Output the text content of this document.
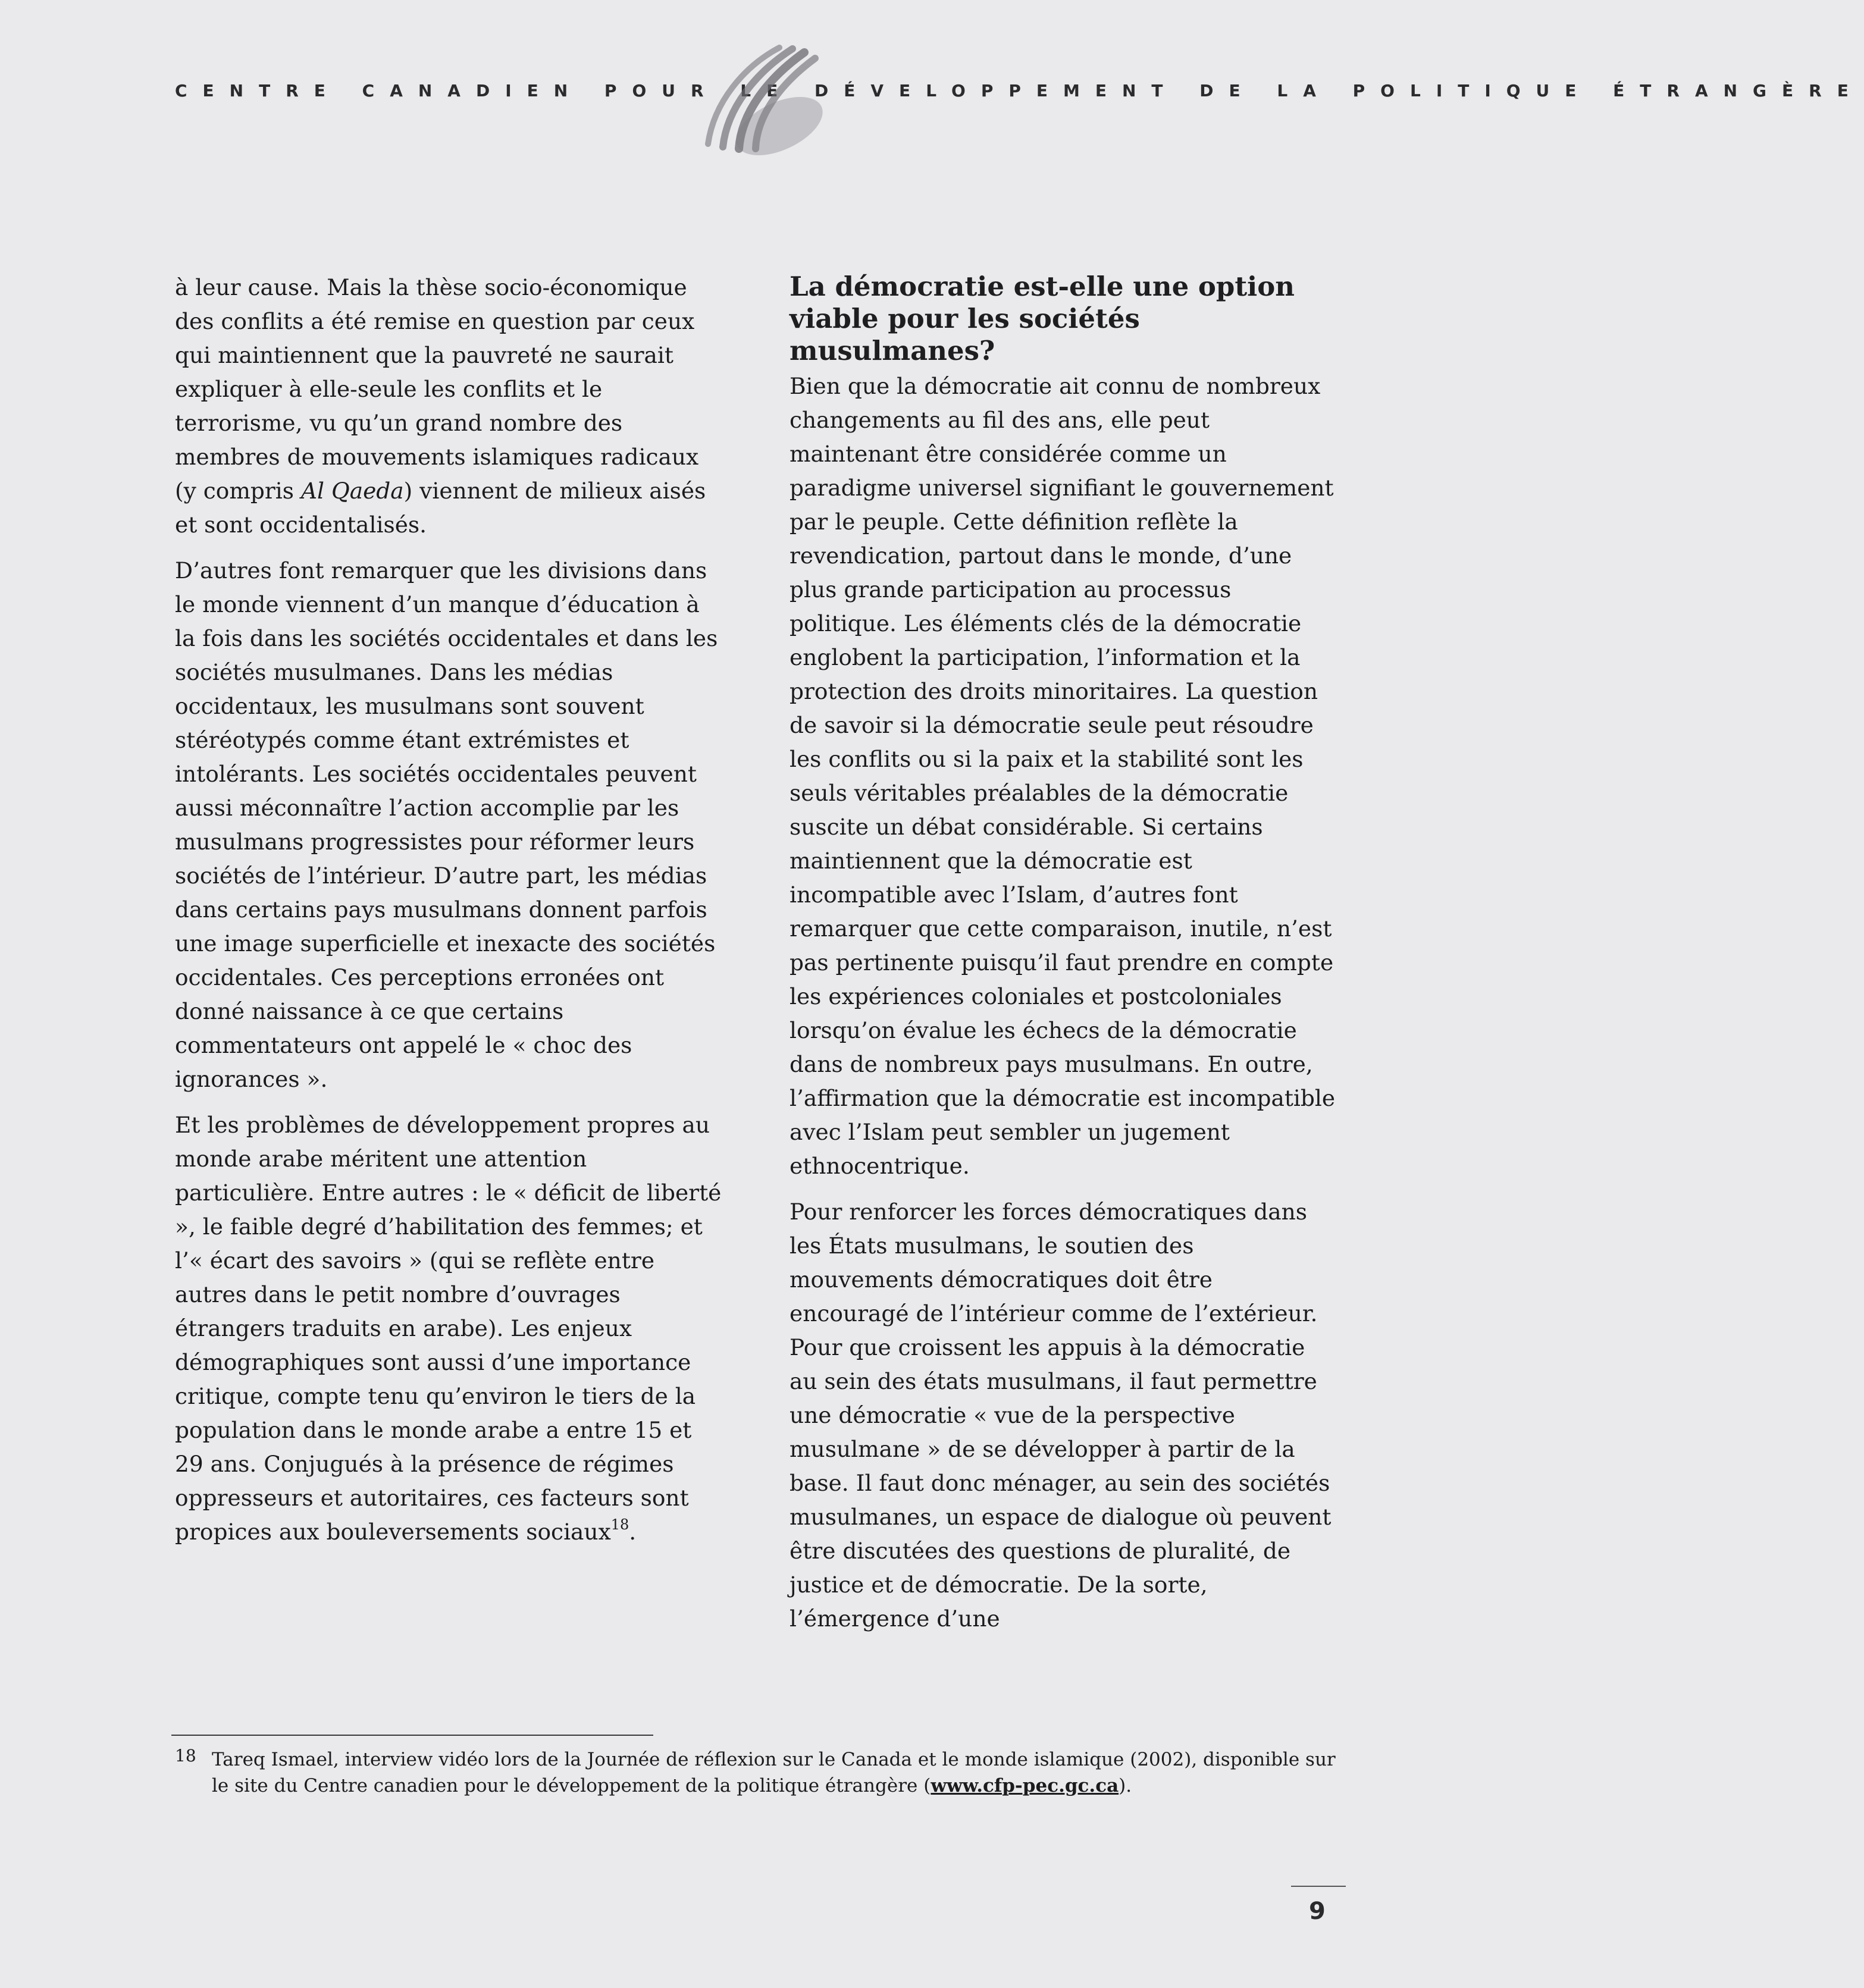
CENTRE CANADIEN POUR LE DÉVELOPPEMENT DE LA POLITIQUE ÉTRANGÈRE

à leur cause. Mais la thèse socio-économique des conflits a été remise en question par ceux qui maintiennent que la pauvreté ne saurait expliquer à elle-seule les conflits et le terrorisme, vu qu’un grand nombre des membres de mouvements islamiques radicaux (y compris Al Qaeda) viennent de milieux aisés et sont occidentalisés.

D’autres font remarquer que les divisions dans le monde viennent d’un manque d’éducation à la fois dans les sociétés occidentales et dans les sociétés musulmanes. Dans les médias occidentaux, les musulmans sont souvent stéréotypés comme étant extrémistes et intolérants. Les sociétés occidentales peuvent aussi méconnaître l’action accomplie par les musulmans progressistes pour réformer leurs sociétés de l’intérieur. D’autre part, les médias dans certains pays musulmans donnent parfois une image superficielle et inexacte des sociétés occidentales. Ces perceptions erronées ont donné naissance à ce que certains commentateurs ont appelé le « choc des ignorances ».

Et les problèmes de développement propres au monde arabe méritent une attention particulière. Entre autres : le « déficit de liberté », le faible degré d’habilitation des femmes; et l’« écart des savoirs » (qui se reflète entre autres dans le petit nombre d’ouvrages étrangers traduits en arabe). Les enjeux démographiques sont aussi d’une importance critique, compte tenu qu’environ le tiers de la population dans le monde arabe a entre 15 et 29 ans. Conjugués à la présence de régimes oppresseurs et autoritaires, ces facteurs sont propices aux bouleversements sociaux$^{18}$.

La démocratie est-elle une option viable pour les sociétés musulmanes?

Bien que la démocratie ait connu de nombreux changements au fil des ans, elle peut maintenant être considérée comme un paradigme universel signifiant le gouvernement par le peuple. Cette définition reflète la revendication, partout dans le monde, d’une plus grande participation au processus politique. Les éléments clés de la démocratie englobent la participation, l’information et la protection des droits minoritaires. La question de savoir si la démocratie seule peut résoudre les conflits ou si la paix et la stabilité sont les seuls véritables préalables de la démocratie suscite un débat considérable. Si certains maintiennent que la démocratie est incompatible avec l’Islam, d’autres font remarquer que cette comparaison, inutile, n’est pas pertinente puisqu’il faut prendre en compte les expériences coloniales et postcoloniales lorsqu’on évalue les échecs de la démocratie dans de nombreux pays musulmans. En outre, l’affirmation que la démocratie est incompatible avec l’Islam peut sembler un jugement ethnocentrique.

Pour renforcer les forces démocratiques dans les États musulmans, le soutien des mouvements démocratiques doit être encouragé de l’intérieur comme de l’extérieur. Pour que croissent les appuis à la démocratie au sein des états musulmans, il faut permettre une démocratie « vue de la perspective musulmane » de se développer à partir de la base. Il faut donc ménager, au sein des sociétés musulmanes, un espace de dialogue où peuvent être discutées des questions de pluralité, de justice et de démocratie. De la sorte, l’émergence d’une

18 Tareq Ismael, interview vidéo lors de la Journée de réflexion sur le Canada et le monde islamique (2002), disponible sur le site du Centre canadien pour le développement de la politique étrangère (www.cfp-pec.gc.ca).
9
